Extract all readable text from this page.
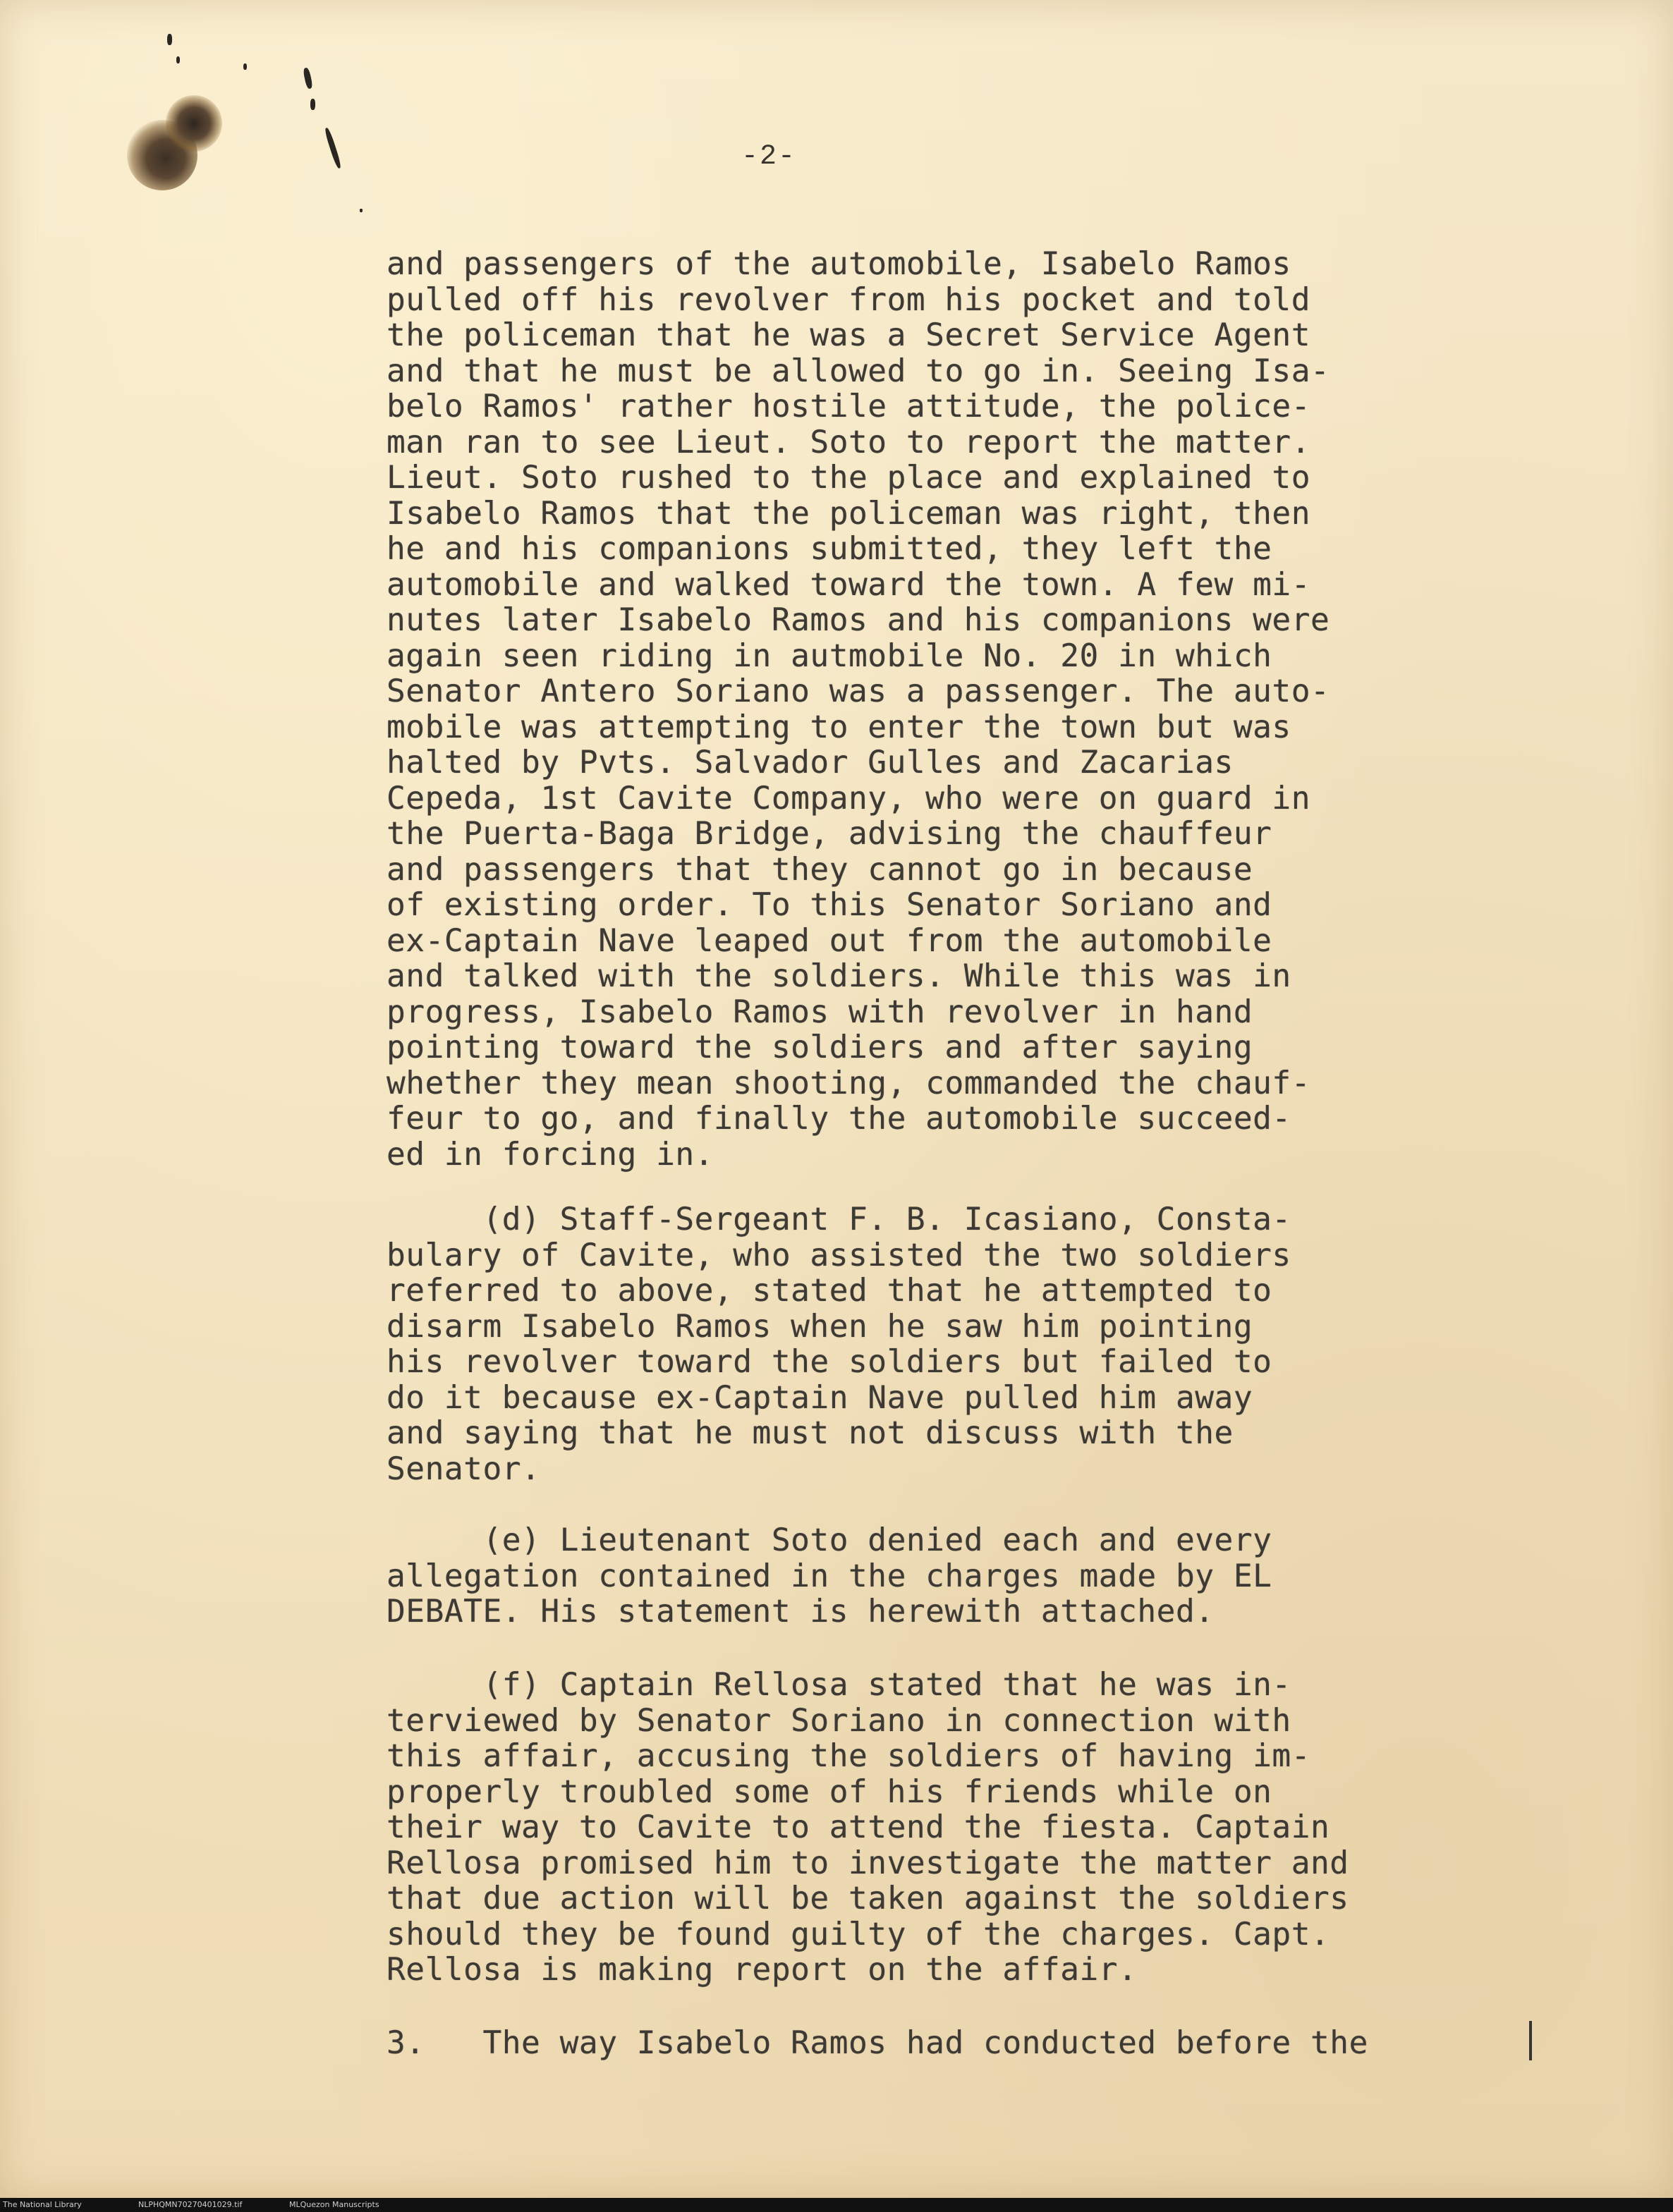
-2-
and passengers of the automobile, Isabelo Ramos
pulled off his revolver from his pocket and told
the policeman that he was a Secret Service Agent
and that he must be allowed to go in. Seeing Isa-
belo Ramos' rather hostile attitude, the police-
man ran to see Lieut. Soto to report the matter.
Lieut. Soto rushed to the place and explained to
Isabelo Ramos that the policeman was right, then
he and his companions submitted, they left the
automobile and walked toward the town. A few mi-
nutes later Isabelo Ramos and his companions were
again seen riding in autmobile No. 20 in which
Senator Antero Soriano was a passenger. The auto-
mobile was attempting to enter the town but was
halted by Pvts. Salvador Gulles and Zacarias
Cepeda, 1st Cavite Company, who were on guard in
the Puerta-Baga Bridge, advising the chauffeur
and passengers that they cannot go in because
of existing order. To this Senator Soriano and
ex-Captain Nave leaped out from the automobile
and talked with the soldiers. While this was in
progress, Isabelo Ramos with revolver in hand
pointing toward the soldiers and after saying
whether they mean shooting, commanded the chauf-
feur to go, and finally the automobile succeed-
ed in forcing in.
(d) Staff-Sergeant F. B. Icasiano, Consta-
bulary of Cavite, who assisted the two soldiers
referred to above, stated that he attempted to
disarm Isabelo Ramos when he saw him pointing
his revolver toward the soldiers but failed to
do it because ex-Captain Nave pulled him away
and saying that he must not discuss with the
Senator.
(e) Lieutenant Soto denied each and every
allegation contained in the charges made by EL
DEBATE. His statement is herewith attached.
(f) Captain Rellosa stated that he was in-
terviewed by Senator Soriano in connection with
this affair, accusing the soldiers of having im-
properly troubled some of his friends while on
their way to Cavite to attend the fiesta. Captain
Rellosa promised him to investigate the matter and
that due action will be taken against the soldiers
should they be found guilty of the charges. Capt.
Rellosa is making report on the affair.
3.   The way Isabelo Ramos had conducted before the
The National Library	NLPHQMN70270401029.tif	MLQuezon Manuscripts
